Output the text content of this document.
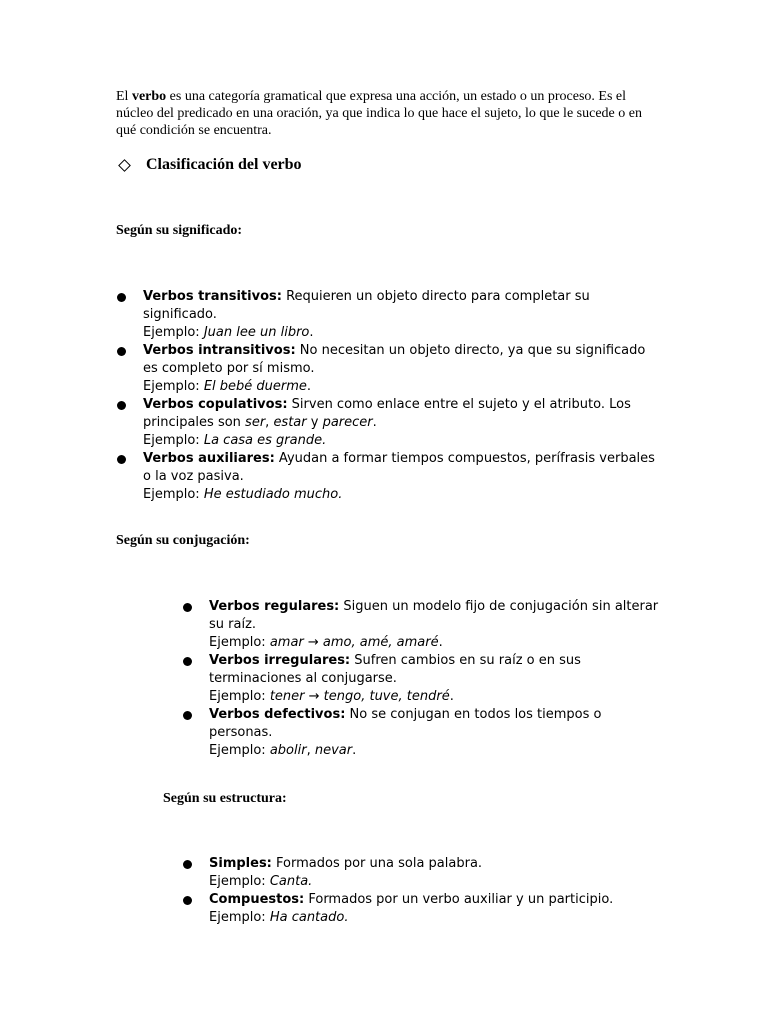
El verbo es una categoría gramatical que expresa una acción, un estado o un proceso. Es el núcleo del predicado en una oración, ya que indica lo que hace el sujeto, lo que le sucede o en qué condición se encuentra.

Clasificación del verbo
Según su significado:
Verbos transitivos: Requieren un objeto directo para completar su significado.
Ejemplo: Juan lee un libro.
Verbos intransitivos: No necesitan un objeto directo, ya que su significado es completo por sí mismo.
Ejemplo: El bebé duerme.
Verbos copulativos: Sirven como enlace entre el sujeto y el atributo. Los principales son ser, estar y parecer.
Ejemplo: La casa es grande.
Verbos auxiliares: Ayudan a formar tiempos compuestos, perífrasis verbales o la voz pasiva.
Ejemplo: He estudiado mucho.
Según su conjugación:
Verbos regulares: Siguen un modelo fijo de conjugación sin alterar su raíz.
Ejemplo: amar → amo, amé, amaré.
Verbos irregulares: Sufren cambios en su raíz o en sus terminaciones al conjugarse.
Ejemplo: tener → tengo, tuve, tendré.
Verbos defectivos: No se conjugan en todos los tiempos o personas.
Ejemplo: abolir, nevar.
Según su estructura:
Simples: Formados por una sola palabra.
Ejemplo: Canta.
Compuestos: Formados por un verbo auxiliar y un participio.
Ejemplo: Ha cantado.
